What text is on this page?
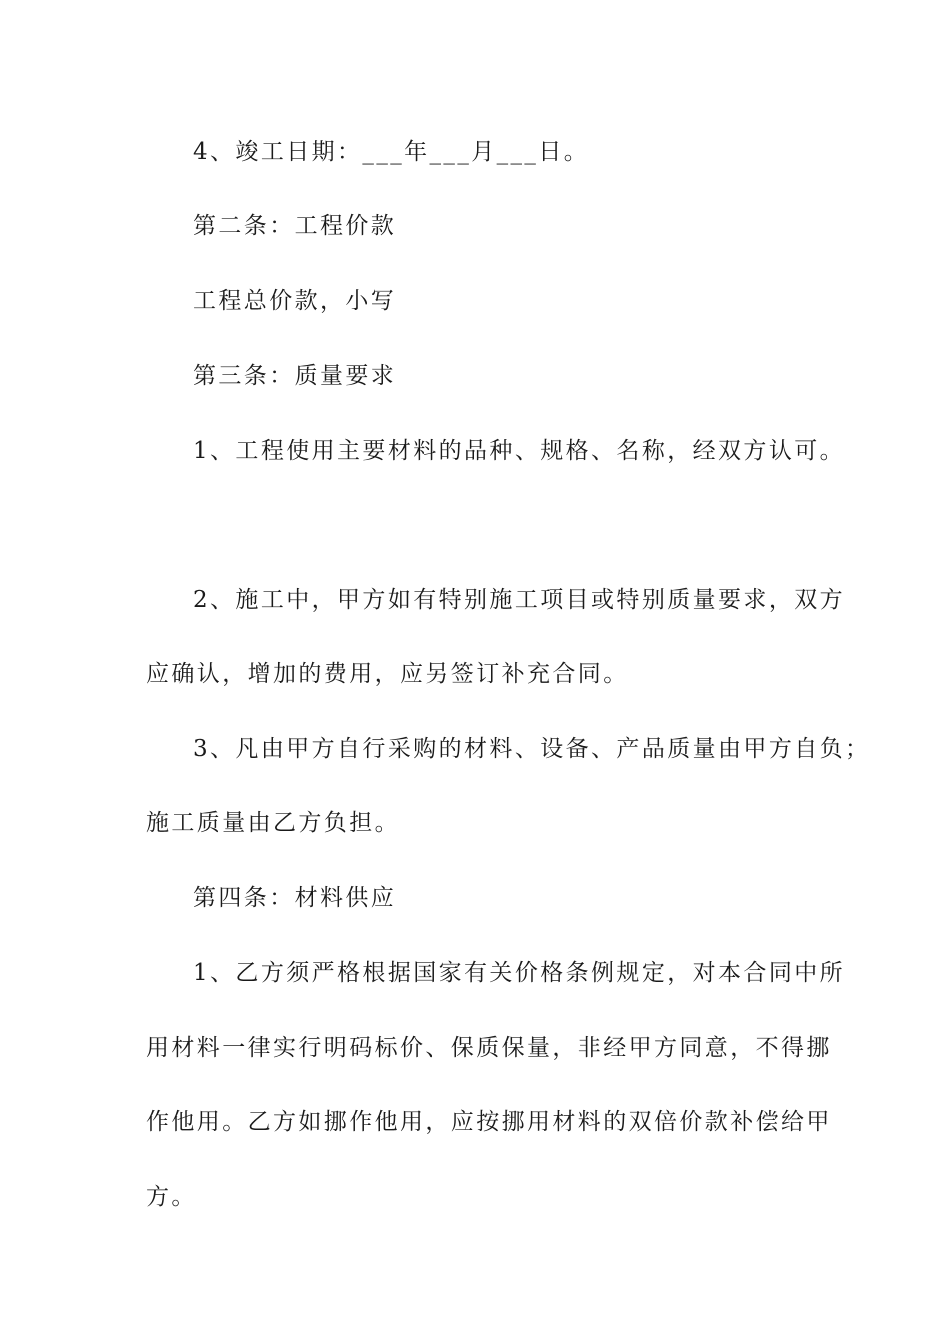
4、竣工日期：___年___月___日。

第二条：工程价款

工程总价款，小写

第三条：质量要求

1、工程使用主要材料的品种、规格、名称，经双方认可。

2、施工中，甲方如有特别施工项目或特别质量要求，双方

应确认，增加的费用，应另签订补充合同。

3、凡由甲方自行采购的材料、设备、产品质量由甲方自负；

施工质量由乙方负担。

第四条：材料供应

1、乙方须严格根据国家有关价格条例规定，对本合同中所

用材料一律实行明码标价、保质保量，非经甲方同意，不得挪

作他用。乙方如挪作他用，应按挪用材料的双倍价款补偿给甲

方。
